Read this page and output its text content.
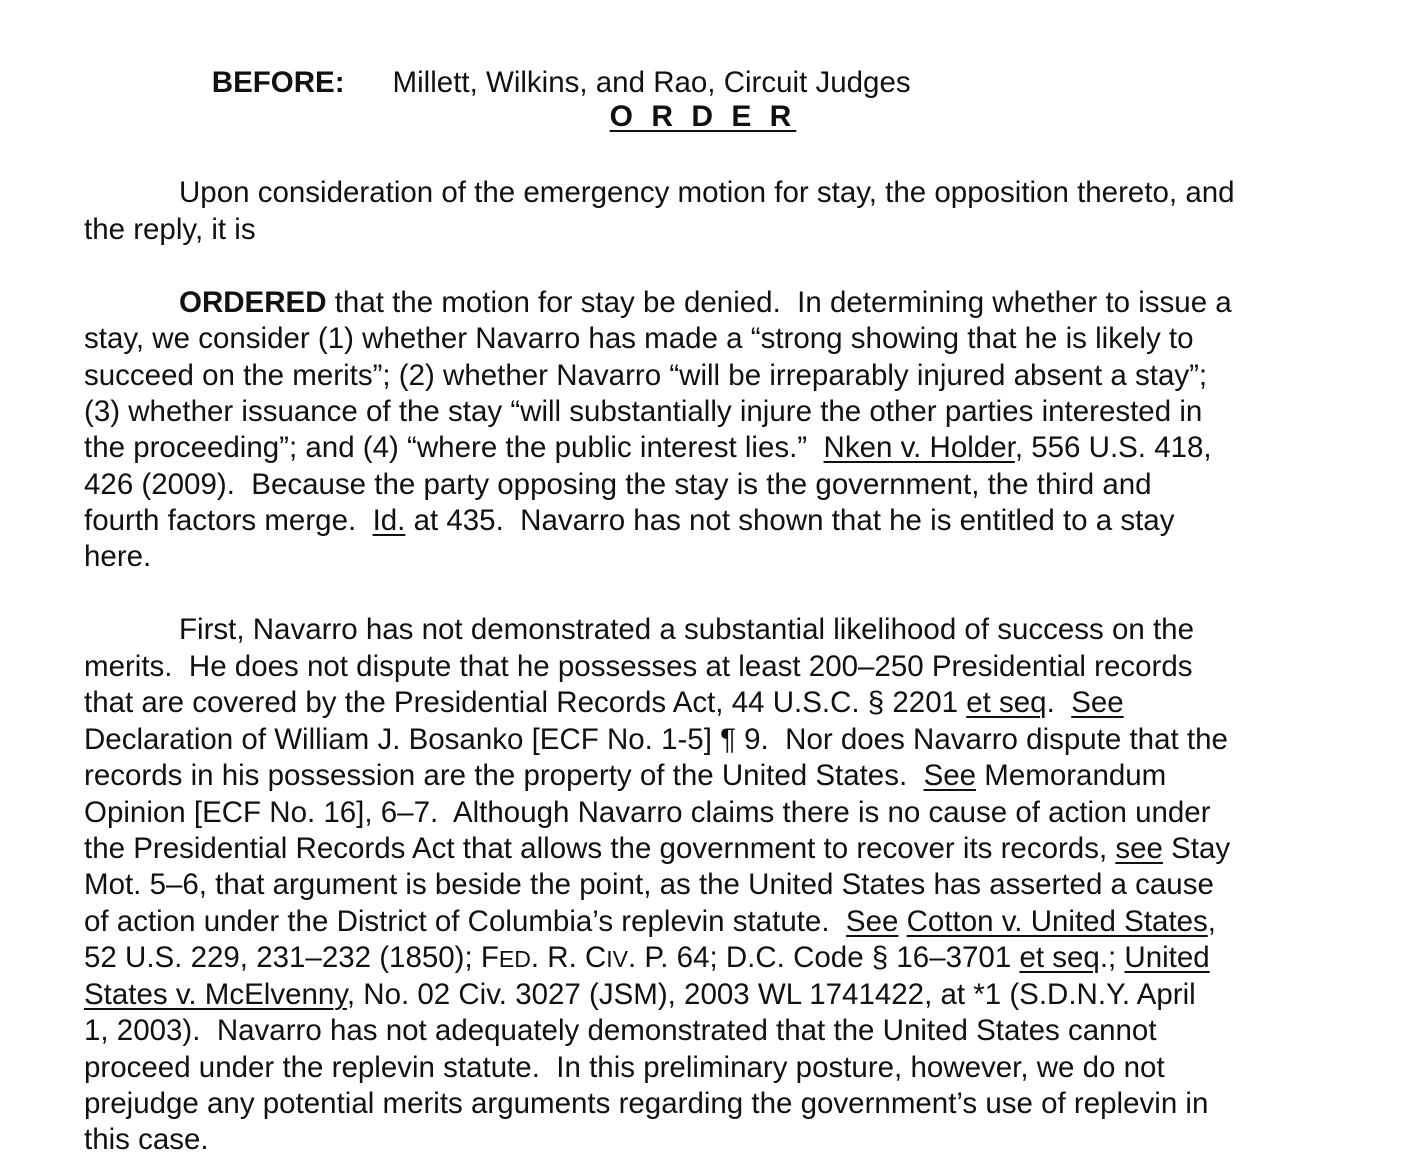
BEFORE: Millett, Wilkins, and Rao, Circuit Judges

O R D E R
Upon consideration of the emergency motion for stay, the opposition thereto, and
the reply, it is
ORDERED that the motion for stay be denied.  In determining whether to issue a
stay, we consider (1) whether Navarro has made a “strong showing that he is likely to
succeed on the merits”; (2) whether Navarro “will be irreparably injured absent a stay”;
(3) whether issuance of the stay “will substantially injure the other parties interested in
the proceeding”; and (4) “where the public interest lies.”  Nken v. Holder, 556 U.S. 418,
426 (2009).  Because the party opposing the stay is the government, the third and
fourth factors merge.  Id. at 435.  Navarro has not shown that he is entitled to a stay
here.
First, Navarro has not demonstrated a substantial likelihood of success on the
merits.  He does not dispute that he possesses at least 200–250 Presidential records
that are covered by the Presidential Records Act, 44 U.S.C. § 2201 et seq.  See
Declaration of William J. Bosanko [ECF No. 1-5] ¶ 9.  Nor does Navarro dispute that the
records in his possession are the property of the United States.  See Memorandum
Opinion [ECF No. 16], 6–7.  Although Navarro claims there is no cause of action under
the Presidential Records Act that allows the government to recover its records, see Stay
Mot. 5–6, that argument is beside the point, as the United States has asserted a cause
of action under the District of Columbia’s replevin statute.  See Cotton v. United States,
52 U.S. 229, 231–232 (1850); FED. R. CIV. P. 64; D.C. Code § 16–3701 et seq.; United
States v. McElvenny, No. 02 Civ. 3027 (JSM), 2003 WL 1741422, at *1 (S.D.N.Y. April
1, 2003).  Navarro has not adequately demonstrated that the United States cannot
proceed under the replevin statute.  In this preliminary posture, however, we do not
prejudge any potential merits arguments regarding the government’s use of replevin in
this case.
